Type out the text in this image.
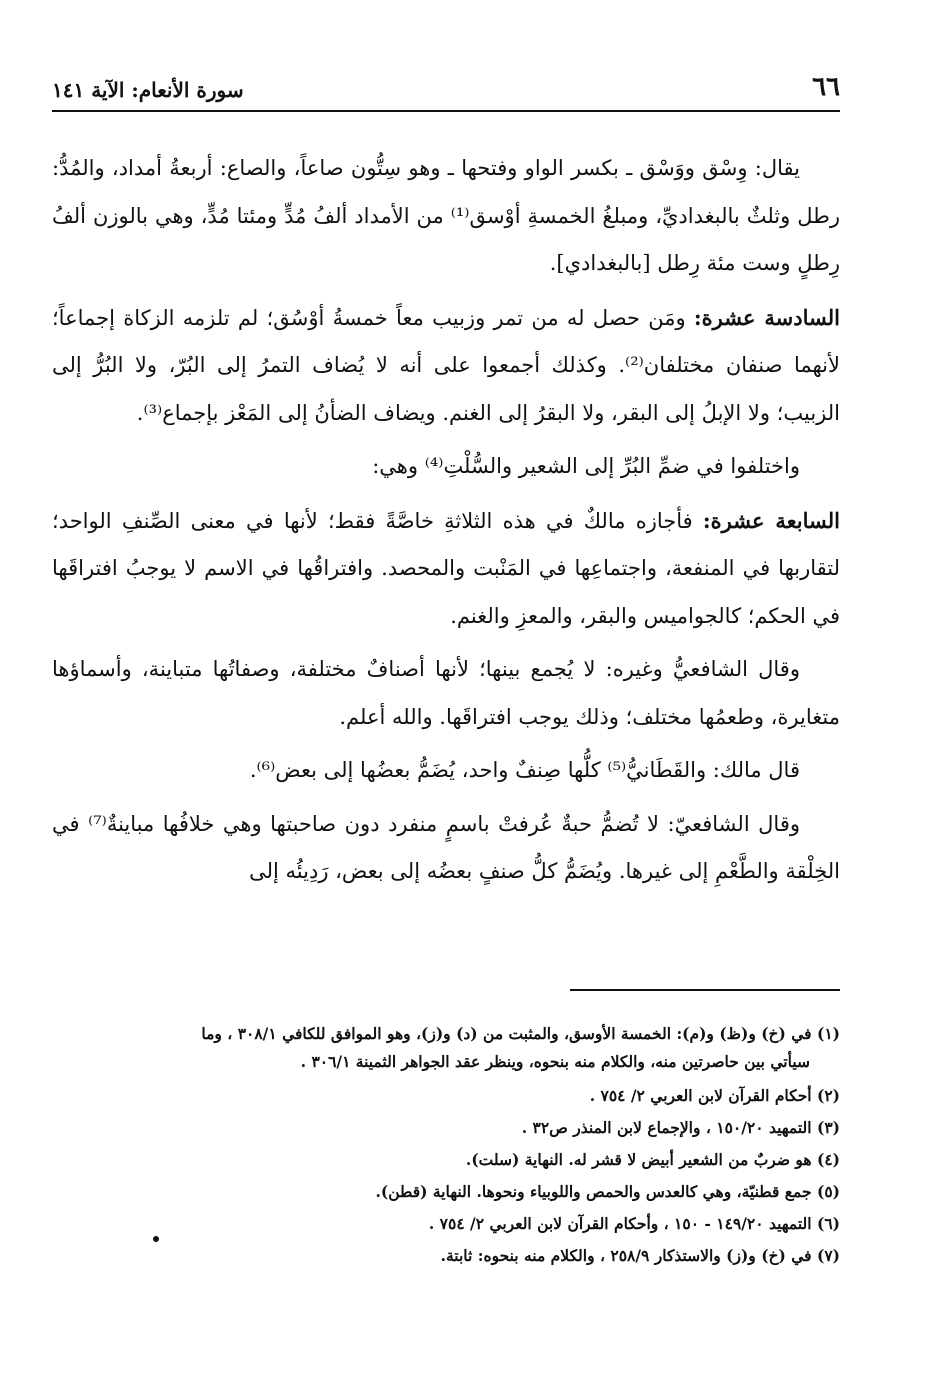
٦٦
سورة الأنعام: الآية ١٤١

يقال: وِسْق ووَسْق ـ بكسر الواو وفتحها ـ وهو سِتُّون صاعاً، والصاع: أربعةُ أمداد، والمُدُّ: رطل وثلثٌ بالبغداديِّ، ومبلغُ الخمسةِ أوْسق⁽¹⁾ من الأمداد ألفُ مُدٍّ ومئتا مُدٍّ، وهي بالوزن ألفُ رِطلٍ وست مئة رِطل [بالبغدادي].

السادسة عشرة: ومَن حصل له من تمر وزبيب معاً خمسةُ أوْسُق؛ لم تلزمه الزكاة إجماعاً؛ لأنهما صنفان مختلفان⁽²⁾. وكذلك أجمعوا على أنه لا يُضاف التمرُ إلى البُرّ، ولا البُرُّ إلى الزبيب؛ ولا الإبلُ إلى البقر، ولا البقرُ إلى الغنم. ويضاف الضأنُ إلى المَعْز بإجماع⁽³⁾.

واختلفوا في ضمِّ البُرِّ إلى الشعير والسُّلْتِ⁽⁴⁾ وهي:

السابعة عشرة: فأجازه مالكٌ في هذه الثلاثةِ خاصَّةً فقط؛ لأنها في معنى الصِّنفِ الواحد؛ لتقاربها في المنفعة، واجتماعِها في المَنْبت والمحصد. وافتراقُها في الاسم لا يوجبُ افتراقَها في الحكم؛ كالجواميس والبقر، والمعزِ والغنم.

وقال الشافعيُّ وغيره: لا يُجمع بينها؛ لأنها أصنافٌ مختلفة، وصفاتُها متباينة، وأسماؤها متغايرة، وطعمُها مختلف؛ وذلك يوجب افتراقَها. والله أعلم.

قال مالك: والقَطَانيُّ⁽⁵⁾ كلُّها صِنفٌ واحد، يُضَمُّ بعضُها إلى بعض⁽⁶⁾.

وقال الشافعيّ: لا تُضمُّ حبةٌ عُرفتْ باسمٍ منفرد دون صاحبتها وهي خلافُها مباينةٌ⁽⁷⁾ في الخِلْقة والطَّعْمِ إلى غيرها. ويُضَمُّ كلُّ صنفٍ بعضُه إلى بعض، رَدِيئُه إلى

(١) في (خ) و(ظ) و(م): الخمسة الأوسق، والمثبت من (د) و(ز)، وهو الموافق للكافي ٣٠٨/١ ، وما
سيأتي بين حاصرتين منه، والكلام منه بنحوه، وينظر عقد الجواهر الثمينة ٣٠٦/١ .
(٢) أحكام القرآن لابن العربي ٢/ ٧٥٤ .
(٣) التمهيد ١٥٠/٢٠ ، والإجماع لابن المنذر ص٣٢ .
(٤) هو ضربٌ من الشعير أبيض لا قشر له. النهاية (سلت).
(٥) جمع قطنيّة، وهي كالعدس والحمص واللوبياء ونحوها. النهاية (قطن).
(٦) التمهيد ١٤٩/٢٠ - ١٥٠ ، وأحكام القرآن لابن العربي ٢/ ٧٥٤ .
(٧) في (خ) و(ز) والاستذكار ٢٥٨/٩ ، والكلام منه بنحوه: ثابتة.
